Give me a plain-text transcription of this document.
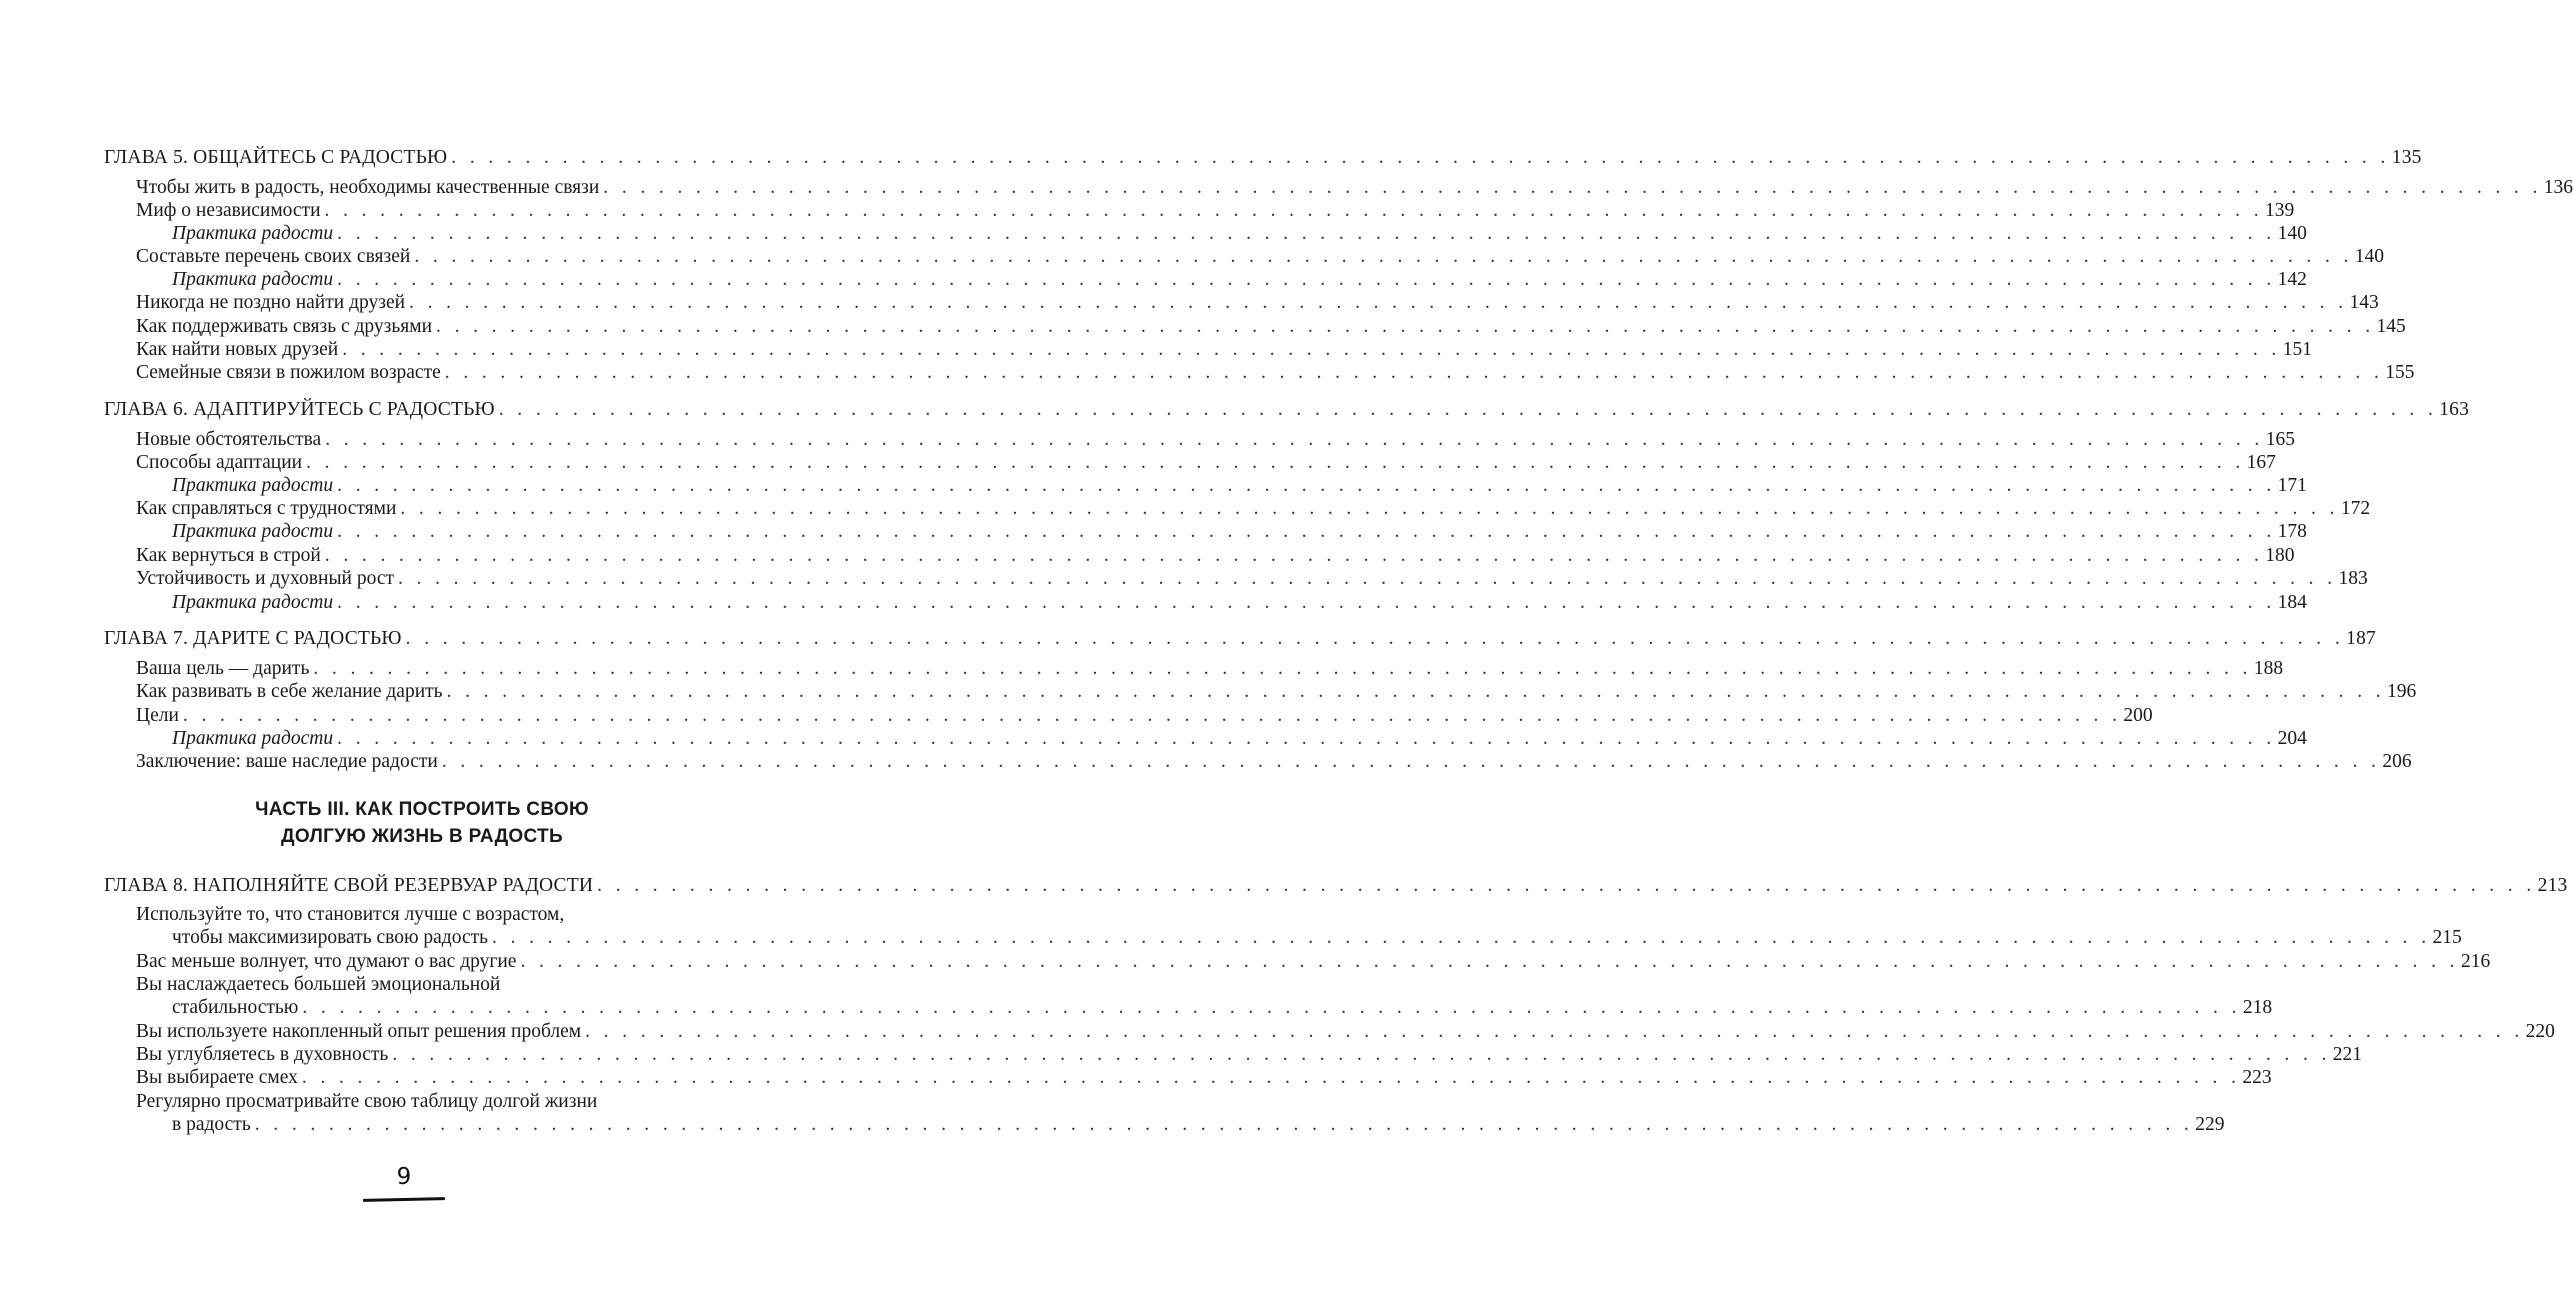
ГЛАВА 5. ОБЩАЙТЕСЬ С РАДОСТЬЮ . . . . . . . . . . . . . . . . . . . . . . . . . . . . . . . . . . . . . . . . . . . . . . . . . . . . . . . . . . . . . . . . . . . . . . . . . . . . . . . . . . . . . . . . . . . . . . . . . . . . . . . . . 135
Чтобы жить в радость, необходимы качественные связи . . . . . . . . . . . . . . . . . . . . . . . . . . . . . . . . . . . . . . . . . . . . . . . . . . . . . . . . . . . . . . . . . . . . . . . . . . . . . . . . . . . . . . . . . . . . . . . . . . . . . . . . . 136
Миф о независимости . . . . . . . . . . . . . . . . . . . . . . . . . . . . . . . . . . . . . . . . . . . . . . . . . . . . . . . . . . . . . . . . . . . . . . . . . . . . . . . . . . . . . . . . . . . . . . . . . . . . . . . . . 139
Практика радости . . . . . . . . . . . . . . . . . . . . . . . . . . . . . . . . . . . . . . . . . . . . . . . . . . . . . . . . . . . . . . . . . . . . . . . . . . . . . . . . . . . . . . . . . . . . . . . . . . . . . . . . . 140
Составьте перечень своих связей . . . . . . . . . . . . . . . . . . . . . . . . . . . . . . . . . . . . . . . . . . . . . . . . . . . . . . . . . . . . . . . . . . . . . . . . . . . . . . . . . . . . . . . . . . . . . . . . . . . . . . . . . 140
Практика радости . . . . . . . . . . . . . . . . . . . . . . . . . . . . . . . . . . . . . . . . . . . . . . . . . . . . . . . . . . . . . . . . . . . . . . . . . . . . . . . . . . . . . . . . . . . . . . . . . . . . . . . . . 142
Никогда не поздно найти друзей . . . . . . . . . . . . . . . . . . . . . . . . . . . . . . . . . . . . . . . . . . . . . . . . . . . . . . . . . . . . . . . . . . . . . . . . . . . . . . . . . . . . . . . . . . . . . . . . . . . . . . . . . 143
Как поддерживать связь с друзьями . . . . . . . . . . . . . . . . . . . . . . . . . . . . . . . . . . . . . . . . . . . . . . . . . . . . . . . . . . . . . . . . . . . . . . . . . . . . . . . . . . . . . . . . . . . . . . . . . . . . . . . . . 145
Как найти новых друзей . . . . . . . . . . . . . . . . . . . . . . . . . . . . . . . . . . . . . . . . . . . . . . . . . . . . . . . . . . . . . . . . . . . . . . . . . . . . . . . . . . . . . . . . . . . . . . . . . . . . . . . . . 151
Семейные связи в пожилом возрасте . . . . . . . . . . . . . . . . . . . . . . . . . . . . . . . . . . . . . . . . . . . . . . . . . . . . . . . . . . . . . . . . . . . . . . . . . . . . . . . . . . . . . . . . . . . . . . . . . . . . . . . . . 155
ГЛАВА 6. АДАПТИРУЙТЕСЬ С РАДОСТЬЮ . . . . . . . . . . . . . . . . . . . . . . . . . . . . . . . . . . . . . . . . . . . . . . . . . . . . . . . . . . . . . . . . . . . . . . . . . . . . . . . . . . . . . . . . . . . . . . . . . . . . . . . . . 163
Новые обстоятельства . . . . . . . . . . . . . . . . . . . . . . . . . . . . . . . . . . . . . . . . . . . . . . . . . . . . . . . . . . . . . . . . . . . . . . . . . . . . . . . . . . . . . . . . . . . . . . . . . . . . . . . . . 165
Способы адаптации . . . . . . . . . . . . . . . . . . . . . . . . . . . . . . . . . . . . . . . . . . . . . . . . . . . . . . . . . . . . . . . . . . . . . . . . . . . . . . . . . . . . . . . . . . . . . . . . . . . . . . . . . 167
Практика радости . . . . . . . . . . . . . . . . . . . . . . . . . . . . . . . . . . . . . . . . . . . . . . . . . . . . . . . . . . . . . . . . . . . . . . . . . . . . . . . . . . . . . . . . . . . . . . . . . . . . . . . . . 171
Как справляться с трудностями . . . . . . . . . . . . . . . . . . . . . . . . . . . . . . . . . . . . . . . . . . . . . . . . . . . . . . . . . . . . . . . . . . . . . . . . . . . . . . . . . . . . . . . . . . . . . . . . . . . . . . . . . 172
Практика радости . . . . . . . . . . . . . . . . . . . . . . . . . . . . . . . . . . . . . . . . . . . . . . . . . . . . . . . . . . . . . . . . . . . . . . . . . . . . . . . . . . . . . . . . . . . . . . . . . . . . . . . . . 178
Как вернуться в строй . . . . . . . . . . . . . . . . . . . . . . . . . . . . . . . . . . . . . . . . . . . . . . . . . . . . . . . . . . . . . . . . . . . . . . . . . . . . . . . . . . . . . . . . . . . . . . . . . . . . . . . . . 180
Устойчивость и духовный рост . . . . . . . . . . . . . . . . . . . . . . . . . . . . . . . . . . . . . . . . . . . . . . . . . . . . . . . . . . . . . . . . . . . . . . . . . . . . . . . . . . . . . . . . . . . . . . . . . . . . . . . . . 183
Практика радости . . . . . . . . . . . . . . . . . . . . . . . . . . . . . . . . . . . . . . . . . . . . . . . . . . . . . . . . . . . . . . . . . . . . . . . . . . . . . . . . . . . . . . . . . . . . . . . . . . . . . . . . . 184
ГЛАВА 7. ДАРИТЕ С РАДОСТЬЮ . . . . . . . . . . . . . . . . . . . . . . . . . . . . . . . . . . . . . . . . . . . . . . . . . . . . . . . . . . . . . . . . . . . . . . . . . . . . . . . . . . . . . . . . . . . . . . . . . . . . . . . . . 187
Ваша цель — дарить . . . . . . . . . . . . . . . . . . . . . . . . . . . . . . . . . . . . . . . . . . . . . . . . . . . . . . . . . . . . . . . . . . . . . . . . . . . . . . . . . . . . . . . . . . . . . . . . . . . . . . . . . 188
Как развивать в себе желание дарить . . . . . . . . . . . . . . . . . . . . . . . . . . . . . . . . . . . . . . . . . . . . . . . . . . . . . . . . . . . . . . . . . . . . . . . . . . . . . . . . . . . . . . . . . . . . . . . . . . . . . . . . . 196
Цели . . . . . . . . . . . . . . . . . . . . . . . . . . . . . . . . . . . . . . . . . . . . . . . . . . . . . . . . . . . . . . . . . . . . . . . . . . . . . . . . . . . . . . . . . . . . . . . . . . . . . . . . . 200
Практика радости . . . . . . . . . . . . . . . . . . . . . . . . . . . . . . . . . . . . . . . . . . . . . . . . . . . . . . . . . . . . . . . . . . . . . . . . . . . . . . . . . . . . . . . . . . . . . . . . . . . . . . . . . 204
Заключение: ваше наследие радости . . . . . . . . . . . . . . . . . . . . . . . . . . . . . . . . . . . . . . . . . . . . . . . . . . . . . . . . . . . . . . . . . . . . . . . . . . . . . . . . . . . . . . . . . . . . . . . . . . . . . . . . . 206
ЧАСТЬ III. КАК ПОСТРОИТЬ СВОЮ
ДОЛГУЮ ЖИЗНЬ В РАДОСТЬ
ГЛАВА 8. НАПОЛНЯЙТЕ СВОЙ РЕЗЕРВУАР РАДОСТИ . . . . . . . . . . . . . . . . . . . . . . . . . . . . . . . . . . . . . . . . . . . . . . . . . . . . . . . . . . . . . . . . . . . . . . . . . . . . . . . . . . . . . . . . . . . . . . . . . . . . . . . . . 213
Используйте то, что становится лучше с возрастом,
чтобы максимизировать свою радость . . . . . . . . . . . . . . . . . . . . . . . . . . . . . . . . . . . . . . . . . . . . . . . . . . . . . . . . . . . . . . . . . . . . . . . . . . . . . . . . . . . . . . . . . . . . . . . . . . . . . . . . . 215
Вас меньше волнует, что думают о вас другие . . . . . . . . . . . . . . . . . . . . . . . . . . . . . . . . . . . . . . . . . . . . . . . . . . . . . . . . . . . . . . . . . . . . . . . . . . . . . . . . . . . . . . . . . . . . . . . . . . . . . . . . . 216
Вы наслаждаетесь большей эмоциональной
стабильностью . . . . . . . . . . . . . . . . . . . . . . . . . . . . . . . . . . . . . . . . . . . . . . . . . . . . . . . . . . . . . . . . . . . . . . . . . . . . . . . . . . . . . . . . . . . . . . . . . . . . . . . . . 218
Вы используете накопленный опыт решения проблем . . . . . . . . . . . . . . . . . . . . . . . . . . . . . . . . . . . . . . . . . . . . . . . . . . . . . . . . . . . . . . . . . . . . . . . . . . . . . . . . . . . . . . . . . . . . . . . . . . . . . . . . . 220
Вы углубляетесь в духовность . . . . . . . . . . . . . . . . . . . . . . . . . . . . . . . . . . . . . . . . . . . . . . . . . . . . . . . . . . . . . . . . . . . . . . . . . . . . . . . . . . . . . . . . . . . . . . . . . . . . . . . . . 221
Вы выбираете смех . . . . . . . . . . . . . . . . . . . . . . . . . . . . . . . . . . . . . . . . . . . . . . . . . . . . . . . . . . . . . . . . . . . . . . . . . . . . . . . . . . . . . . . . . . . . . . . . . . . . . . . . . 223
Регулярно просматривайте свою таблицу долгой жизни
в радость . . . . . . . . . . . . . . . . . . . . . . . . . . . . . . . . . . . . . . . . . . . . . . . . . . . . . . . . . . . . . . . . . . . . . . . . . . . . . . . . . . . . . . . . . . . . . . . . . . . . . . . . . 229
9
